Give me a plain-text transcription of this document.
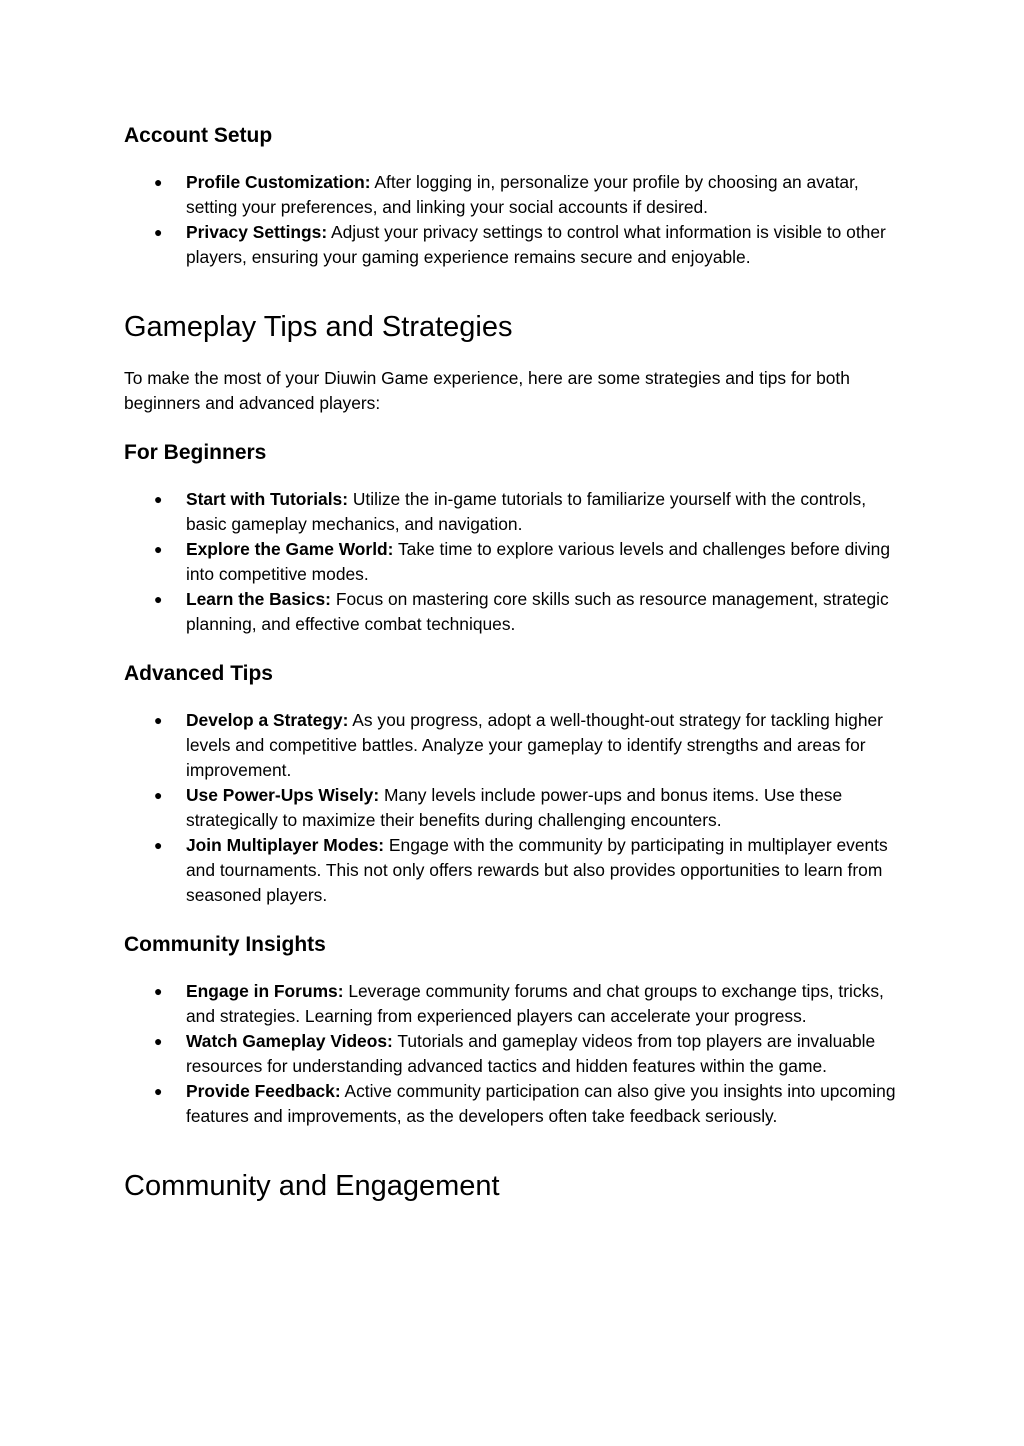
Account Setup
● Profile Customization: After logging in, personalize your profile by choosing an avatar, setting your preferences, and linking your social accounts if desired.
● Privacy Settings: Adjust your privacy settings to control what information is visible to other players, ensuring your gaming experience remains secure and enjoyable.
Gameplay Tips and Strategies

To make the most of your Diuwin Game experience, here are some strategies and tips for both beginners and advanced players:

For Beginners
● Start with Tutorials: Utilize the in-game tutorials to familiarize yourself with the controls, basic gameplay mechanics, and navigation.
● Explore the Game World: Take time to explore various levels and challenges before diving into competitive modes.
● Learn the Basics: Focus on mastering core skills such as resource management, strategic planning, and effective combat techniques.
Advanced Tips
● Develop a Strategy: As you progress, adopt a well-thought-out strategy for tackling higher levels and competitive battles. Analyze your gameplay to identify strengths and areas for improvement.
● Use Power-Ups Wisely: Many levels include power-ups and bonus items. Use these strategically to maximize their benefits during challenging encounters.
● Join Multiplayer Modes: Engage with the community by participating in multiplayer events and tournaments. This not only offers rewards but also provides opportunities to learn from seasoned players.
Community Insights
● Engage in Forums: Leverage community forums and chat groups to exchange tips, tricks, and strategies. Learning from experienced players can accelerate your progress.
● Watch Gameplay Videos: Tutorials and gameplay videos from top players are invaluable resources for understanding advanced tactics and hidden features within the game.
● Provide Feedback: Active community participation can also give you insights into upcoming features and improvements, as the developers often take feedback seriously.
Community and Engagement
